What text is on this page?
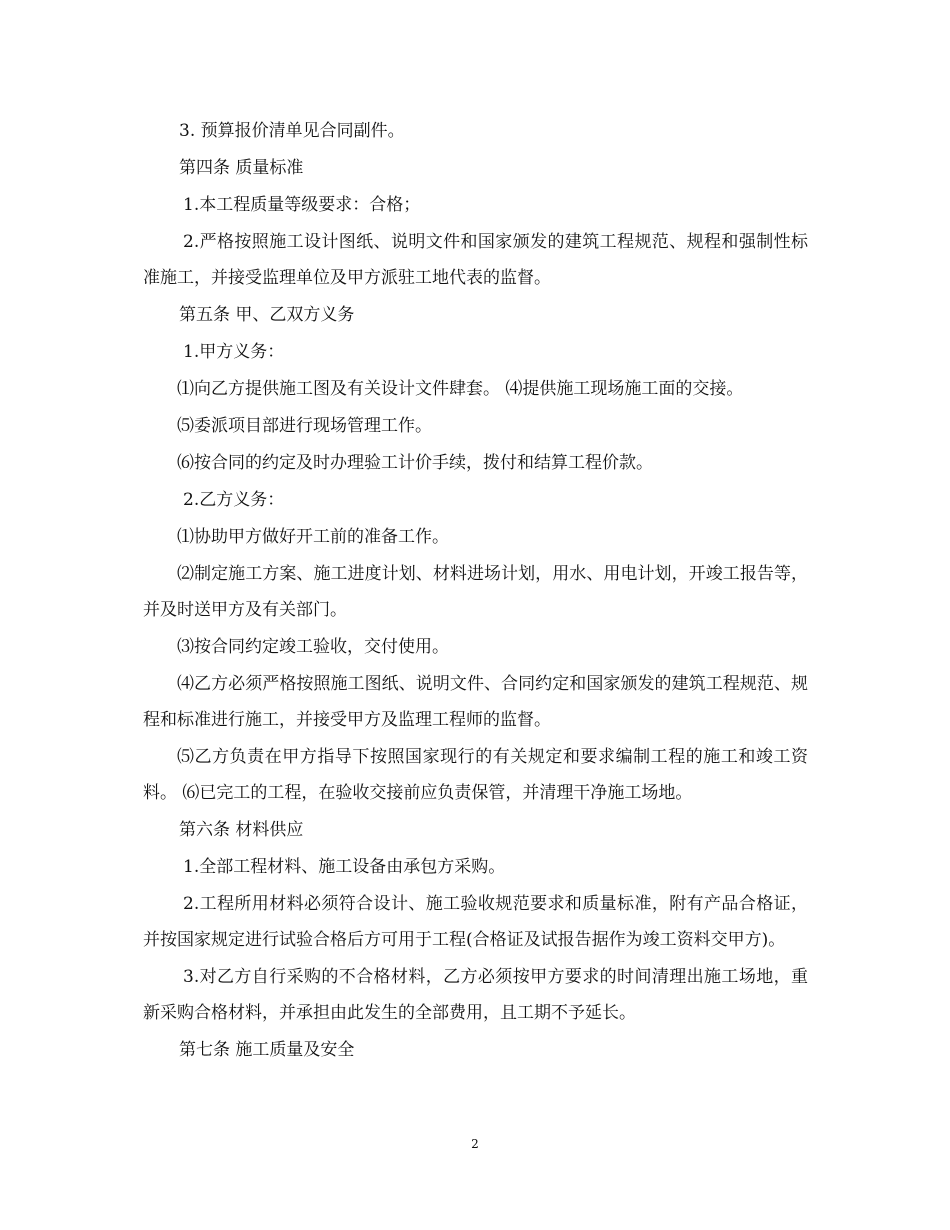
3. 预算报价清单见合同副件。

第四条 质量标准

1.本工程质量等级要求：合格；

2.严格按照施工设计图纸、说明文件和国家颁发的建筑工程规范、规程和强制性标准施工，并接受监理单位及甲方派驻工地代表的监督。

第五条 甲、乙双方义务

1.甲方义务：

⑴向乙方提供施工图及有关设计文件肆套。 ⑷提供施工现场施工面的交接。

⑸委派项目部进行现场管理工作。

⑹按合同的约定及时办理验工计价手续，拨付和结算工程价款。

2.乙方义务：

⑴协助甲方做好开工前的准备工作。

⑵制定施工方案、施工进度计划、材料进场计划，用水、用电计划，开竣工报告等，并及时送甲方及有关部门。

⑶按合同约定竣工验收，交付使用。

⑷乙方必须严格按照施工图纸、说明文件、合同约定和国家颁发的建筑工程规范、规程和标准进行施工，并接受甲方及监理工程师的监督。

⑸乙方负责在甲方指导下按照国家现行的有关规定和要求编制工程的施工和竣工资料。 ⑹已完工的工程，在验收交接前应负责保管，并清理干净施工场地。

第六条 材料供应

1.全部工程材料、施工设备由承包方采购。

2.工程所用材料必须符合设计、施工验收规范要求和质量标准，附有产品合格证，并按国家规定进行试验合格后方可用于工程(合格证及试报告据作为竣工资料交甲方)。

3.对乙方自行采购的不合格材料，乙方必须按甲方要求的时间清理出施工场地，重新采购合格材料，并承担由此发生的全部费用，且工期不予延长。

第七条 施工质量及安全

2
